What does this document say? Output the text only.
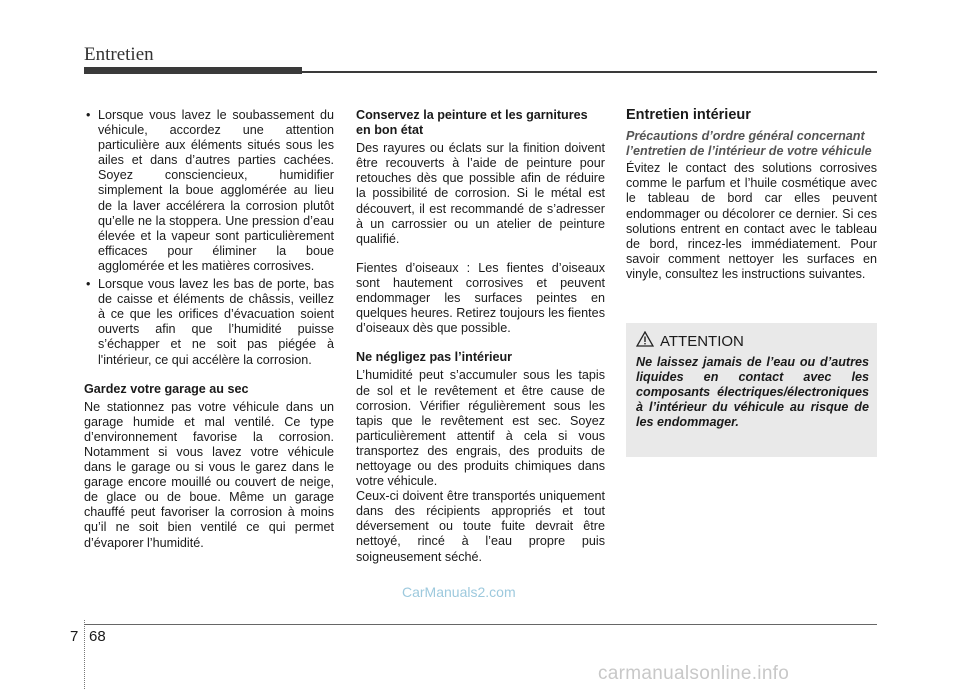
Entretien
• Lorsque vous lavez le soubassement du véhicule, accordez une attention particulière aux éléments situés sous les ailes et dans d’autres parties cachées. Soyez consciencieux, humidifier simplement la boue agglomérée au lieu de la laver accélérera la corrosion plutôt qu’elle ne la stoppera. Une pression d’eau élevée et la vapeur sont particulièrement efficaces pour éliminer la boue agglomérée et les matières corrosives.
• Lorsque vous lavez les bas de porte, bas de caisse et éléments de châssis, veillez à ce que les orifices d’évacuation soient ouverts afin que l’humidité puisse s’échapper et ne soit pas piégée à l'intérieur, ce qui accélère la corrosion.

Gardez votre garage au sec

Ne stationnez pas votre véhicule dans un garage humide et mal ventilé. Ce type d’environnement favorise la corrosion. Notamment si vous lavez votre véhicule dans le garage ou si vous le garez dans le garage encore mouillé ou couvert de neige, de glace ou de boue. Même un garage chauffé peut favoriser la corrosion à moins qu’il ne soit bien ventilé ce qui permet d’évaporer l’humidité.

Conservez la peinture et les garnitures en bon état

Des rayures ou éclats sur la finition doivent être recouverts à l’aide de peinture pour retouches dès que possible afin de réduire la possibilité de corrosion. Si le métal est découvert, il est recommandé de s’adresser à un carrossier ou un atelier de peinture qualifié.

Fientes d’oiseaux : Les fientes d’oiseaux sont hautement corrosives et peuvent endommager les surfaces peintes en quelques heures. Retirez toujours les fientes d’oiseaux dès que possible.

Ne négligez pas l’intérieur

L’humidité peut s’accumuler sous les tapis de sol et le revêtement et être cause de corrosion. Vérifier régulièrement sous les tapis que le revêtement est sec. Soyez particulièrement attentif à cela si vous transportez des engrais, des produits de nettoyage ou des produits chimiques dans votre véhicule.

Ceux-ci doivent être transportés uniquement dans des récipients appropriés et tout déversement ou toute fuite devrait être nettoyé, rincé à l’eau propre puis soigneusement séché.

Entretien intérieur

Précautions d’ordre général concernant l’entretien de l’intérieur de votre véhicule

Évitez le contact des solutions corrosives comme le parfum et l’huile cosmétique avec le tableau de bord car elles peuvent endommager ou décolorer ce dernier. Si ces solutions entrent en contact avec le tableau de bord, rincez-les immédiatement. Pour savoir comment nettoyer les surfaces en vinyle, consultez les instructions suivantes.

ATTENTION

Ne laissez jamais de l’eau ou d’autres liquides en contact avec les composants électriques/électroniques à l’intérieur du véhicule au risque de les endommager.

7 68
CarManuals2.com
carmanualsonline.info
